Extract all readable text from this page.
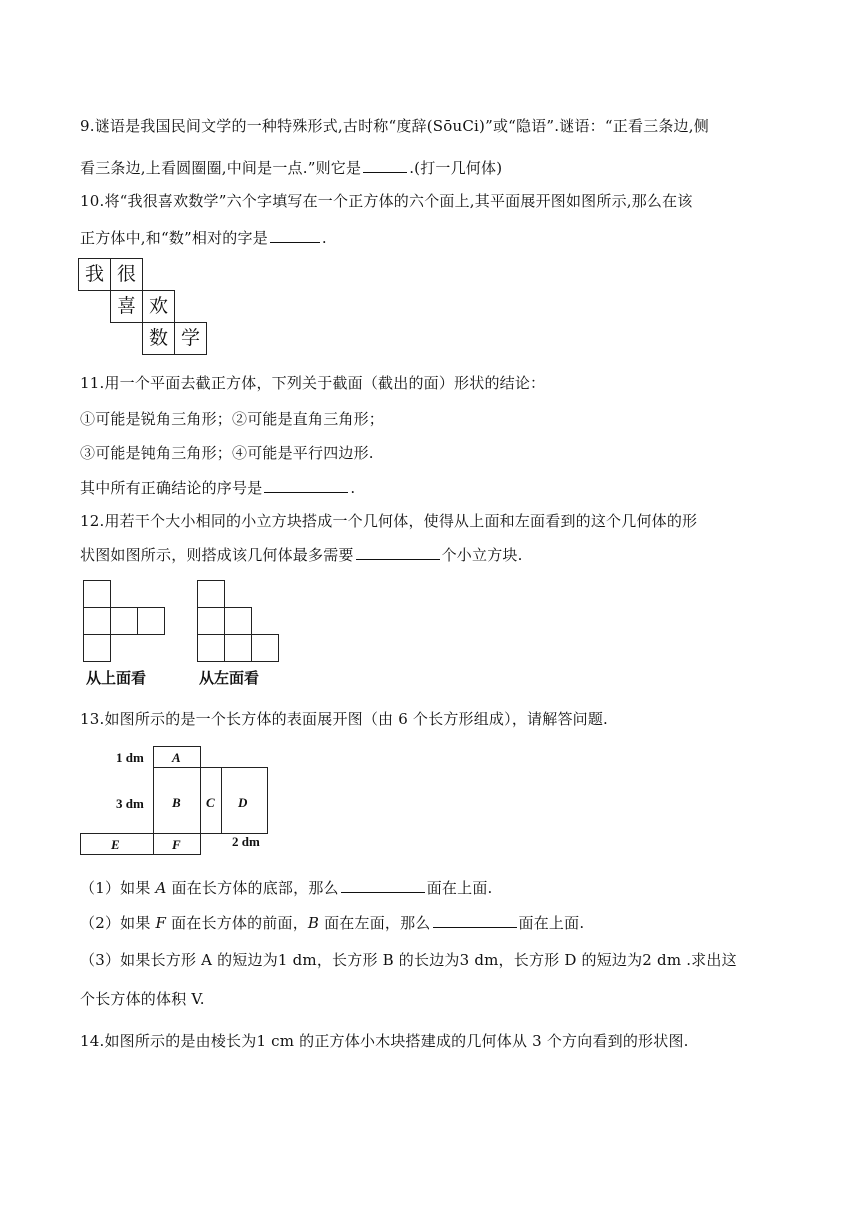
9.谜语是我国民间文学的一种特殊形式,古时称“度辞(SōuCi)”或“隐语”.谜语：“正看三条边,侧
看三条边,上看圆圈圈,中间是一点.”则它是	.(打一几何体)
10.将“我很喜欢数学”六个字填写在一个正方体的六个面上,其平面展开图如图所示,那么在该
正方体中,和“数”相对的字是	.
我 很
喜 欢
数 学
11.用一个平面去截正方体，下列关于截面（截出的面）形状的结论：
①可能是锐角三角形；②可能是直角三角形；
③可能是钝角三角形；④可能是平行四边形.
其中所有正确结论的序号是	.
12.用若干个大小相同的小立方块搭成一个几何体，使得从上面和左面看到的这个几何体的形
状图如图所示，则搭成该几何体最多需要	个小立方块.
从上面看	从左面看
13.如图所示的是一个长方体的表面展开图（由 6 个长方形组成），请解答问题.
A
B C D
E	F
1 dm
3 dm
2 dm
（1）如果 A 面在长方体的底部，那么	面在上面.
（2）如果 F 面在长方体的前面，B 面在左面，那么	面在上面.
（3）如果长方形 A 的短边为1 dm，长方形 B 的长边为3 dm，长方形 D 的短边为2 dm .求出这
个长方体的体积 V.
14.如图所示的是由棱长为1 cm 的正方体小木块搭建成的几何体从 3 个方向看到的形状图.
